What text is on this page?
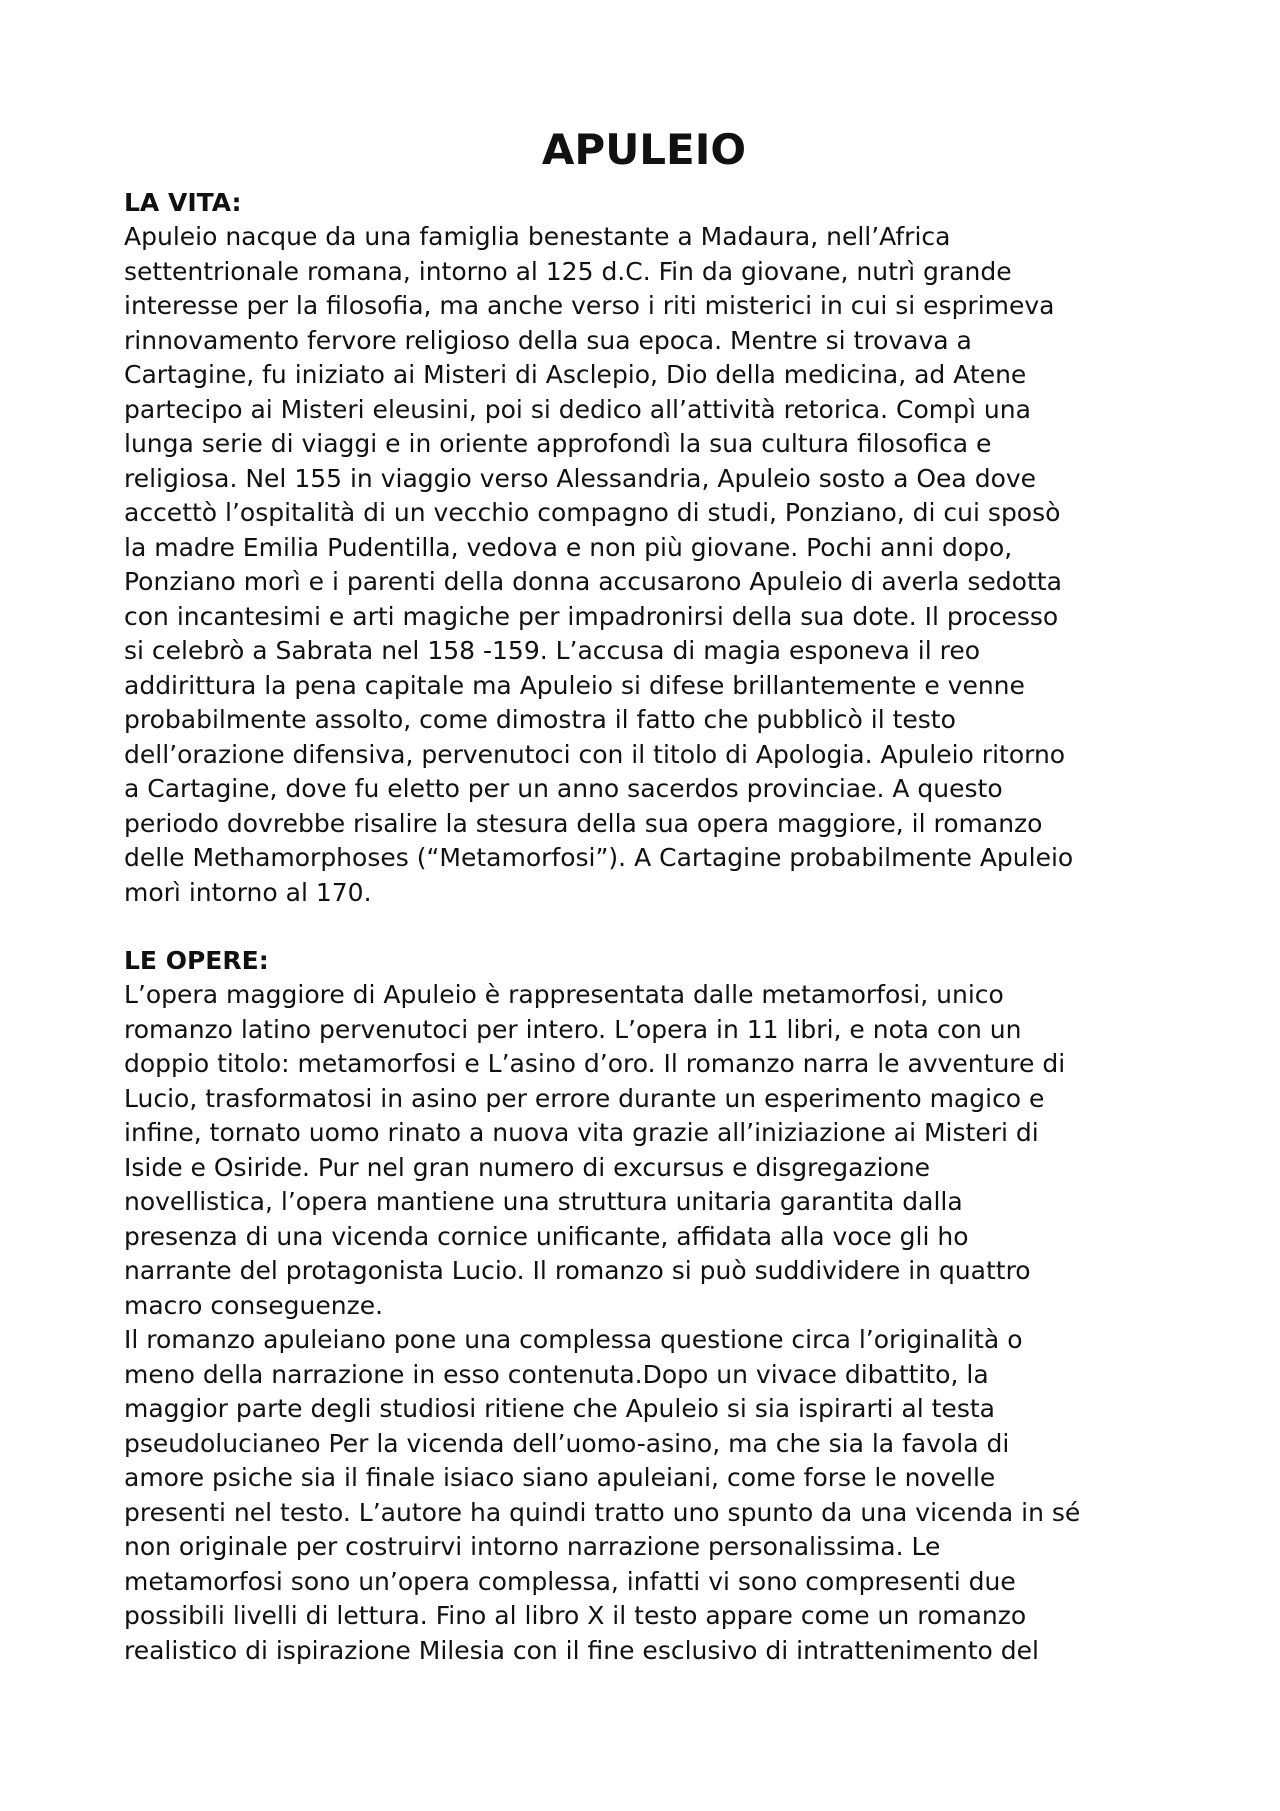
APULEIO
LA VITA:
Apuleio nacque da una famiglia benestante a Madaura, nell’Africa
settentrionale romana, intorno al 125 d.C. Fin da giovane, nutrì grande
interesse per la filosofia, ma anche verso i riti misterici in cui si esprimeva
rinnovamento fervore religioso della sua epoca. Mentre si trovava a
Cartagine, fu iniziato ai Misteri di Asclepio, Dio della medicina, ad Atene
partecipo ai Misteri eleusini, poi si dedico all’attività retorica. Compì una
lunga serie di viaggi e in oriente approfondì la sua cultura filosofica e
religiosa. Nel 155 in viaggio verso Alessandria, Apuleio sosto a Oea dove
accettò l’ospitalità di un vecchio compagno di studi, Ponziano, di cui sposò
la madre Emilia Pudentilla, vedova e non più giovane. Pochi anni dopo,
Ponziano morì e i parenti della donna accusarono Apuleio di averla sedotta
con incantesimi e arti magiche per impadronirsi della sua dote. Il processo
si celebrò a Sabrata nel 158 -159. L’accusa di magia esponeva il reo
addirittura la pena capitale ma Apuleio si difese brillantemente e venne
probabilmente assolto, come dimostra il fatto che pubblicò il testo
dell’orazione difensiva, pervenutoci con il titolo di Apologia. Apuleio ritorno
a Cartagine, dove fu eletto per un anno sacerdos provinciae. A questo
periodo dovrebbe risalire la stesura della sua opera maggiore, il romanzo
delle Methamorphoses (“Metamorfosi”). A Cartagine probabilmente Apuleio
morì intorno al 170.
LE OPERE:
L’opera maggiore di Apuleio è rappresentata dalle metamorfosi, unico
romanzo latino pervenutoci per intero. L’opera in 11 libri, e nota con un
doppio titolo: metamorfosi e L’asino d’oro. Il romanzo narra le avventure di
Lucio, trasformatosi in asino per errore durante un esperimento magico e
infine, tornato uomo rinato a nuova vita grazie all’iniziazione ai Misteri di
Iside e Osiride. Pur nel gran numero di excursus e disgregazione
novellistica, l’opera mantiene una struttura unitaria garantita dalla
presenza di una vicenda cornice unificante, affidata alla voce gli ho
narrante del protagonista Lucio. Il romanzo si può suddividere in quattro
macro conseguenze.
Il romanzo apuleiano pone una complessa questione circa l’originalità o
meno della narrazione in esso contenuta.Dopo un vivace dibattito, la
maggior parte degli studiosi ritiene che Apuleio si sia ispirarti al testa
pseudolucianeo Per la vicenda dell’uomo-asino, ma che sia la favola di
amore psiche sia il finale isiaco siano apuleiani, come forse le novelle
presenti nel testo. L’autore ha quindi tratto uno spunto da una vicenda in sé
non originale per costruirvi intorno narrazione personalissima. Le
metamorfosi sono un’opera complessa, infatti vi sono compresenti due
possibili livelli di lettura. Fino al libro X il testo appare come un romanzo
realistico di ispirazione Milesia con il fine esclusivo di intrattenimento del
